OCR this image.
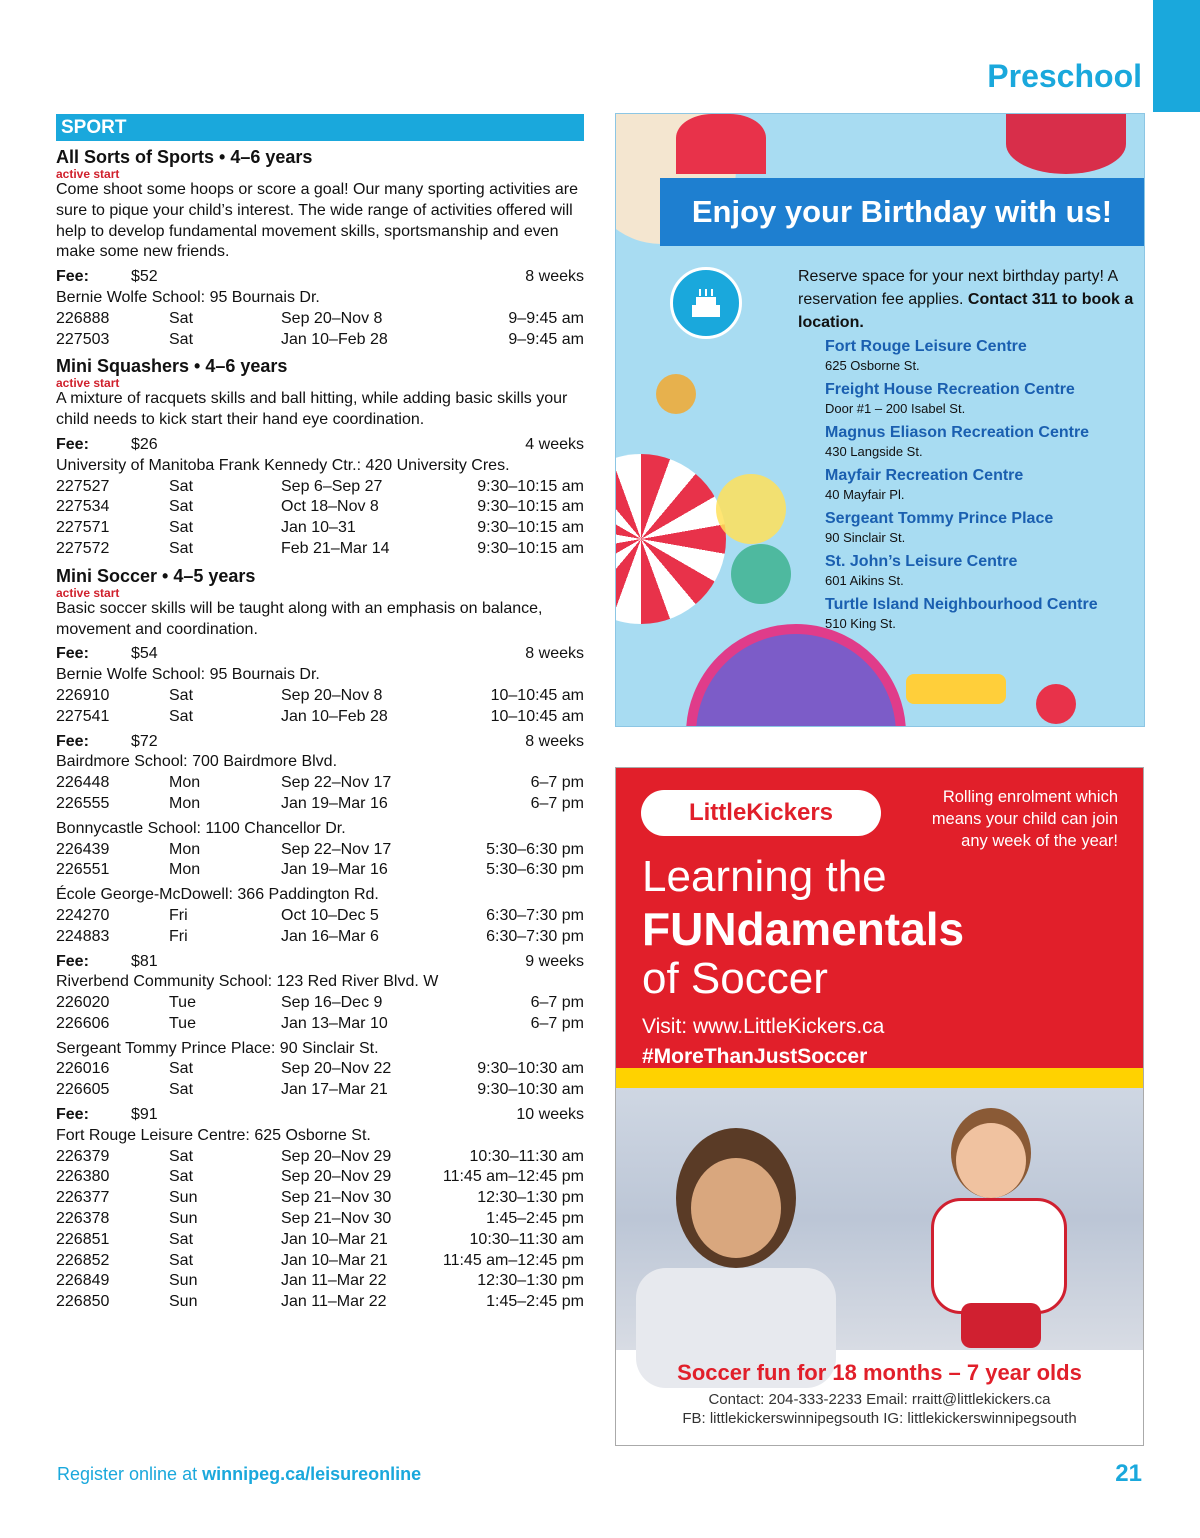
Preschool
SPORT
All Sorts of Sports • 4–6 years
active start
Come shoot some hoops or score a goal! Our many sporting activities are sure to pique your child’s interest. The wide range of activities offered will help to develop fundamental movement skills, sportsmanship and even make some new friends.
Fee:	$52	8 weeks
Bernie Wolfe School: 95 Bournais Dr.
226888	Sat	Sep 20–Nov 8	9–9:45 am
227503	Sat	Jan 10–Feb 28	9–9:45 am
Mini Squashers • 4–6 years
active start
A mixture of racquets skills and ball hitting, while adding basic skills your child needs to kick start their hand eye coordination.
Fee:	$26	4 weeks
University of Manitoba Frank Kennedy Ctr.: 420 University Cres.
227527	Sat	Sep 6–Sep 27	9:30–10:15 am
227534	Sat	Oct 18–Nov 8	9:30–10:15 am
227571	Sat	Jan 10–31	9:30–10:15 am
227572	Sat	Feb 21–Mar 14	9:30–10:15 am
Mini Soccer • 4–5 years
active start
Basic soccer skills will be taught along with an emphasis on balance, movement and coordination.
Fee:	$54	8 weeks
Bernie Wolfe School: 95 Bournais Dr.
226910	Sat	Sep 20–Nov 8	10–10:45 am
227541	Sat	Jan 10–Feb 28	10–10:45 am
Fee:	$72	8 weeks
Bairdmore School: 700 Bairdmore Blvd.
226448	Mon	Sep 22–Nov 17	6–7 pm
226555	Mon	Jan 19–Mar 16	6–7 pm
Bonnycastle School: 1100 Chancellor Dr.
226439	Mon	Sep 22–Nov 17	5:30–6:30 pm
226551	Mon	Jan 19–Mar 16	5:30–6:30 pm
École George-McDowell: 366 Paddington Rd.
224270	Fri	Oct 10–Dec 5	6:30–7:30 pm
224883	Fri	Jan 16–Mar 6	6:30–7:30 pm
Fee:	$81	9 weeks
Riverbend Community School: 123 Red River Blvd. W
226020	Tue	Sep 16–Dec 9	6–7 pm
226606	Tue	Jan 13–Mar 10	6–7 pm
Sergeant Tommy Prince Place: 90 Sinclair St.
226016	Sat	Sep 20–Nov 22	9:30–10:30 am
226605	Sat	Jan 17–Mar 21	9:30–10:30 am
Fee:	$91	10 weeks
Fort Rouge Leisure Centre: 625 Osborne St.
226379	Sat	Sep 20–Nov 29	10:30–11:30 am
226380	Sat	Sep 20–Nov 29	11:45 am–12:45 pm
226377	Sun	Sep 21–Nov 30	12:30–1:30 pm
226378	Sun	Sep 21–Nov 30	1:45–2:45 pm
226851	Sat	Jan 10–Mar 21	10:30–11:30 am
226852	Sat	Jan 10–Mar 21	11:45 am–12:45 pm
226849	Sun	Jan 11–Mar 22	12:30–1:30 pm
226850	Sun	Jan 11–Mar 22	1:45–2:45 pm
Enjoy your Birthday with us!
Reserve space for your next birthday party! A reservation fee applies. Contact 311 to book a location.
Fort Rouge Leisure Centre
625 Osborne St.
Freight House Recreation Centre
Door #1 – 200 Isabel St.
Magnus Eliason Recreation Centre
430 Langside St.
Mayfair Recreation Centre
40 Mayfair Pl.
Sergeant Tommy Prince Place
90 Sinclair St.
St. John’s Leisure Centre
601 Aikins St.
Turtle Island Neighbourhood Centre
510 King St.
LittleKickers
Rolling enrolment which means your child can join any week of the year!
Learning the
FUNdamentals
of Soccer
Visit: www.LittleKickers.ca
#MoreThanJustSoccer
Soccer fun for 18 months – 7 year olds
Contact: 204-333-2233 Email: rraitt@littlekickers.ca
FB: littlekickerswinnipegsouth IG: littlekickerswinnipegsouth
Register online at winnipeg.ca/leisureonline	21
